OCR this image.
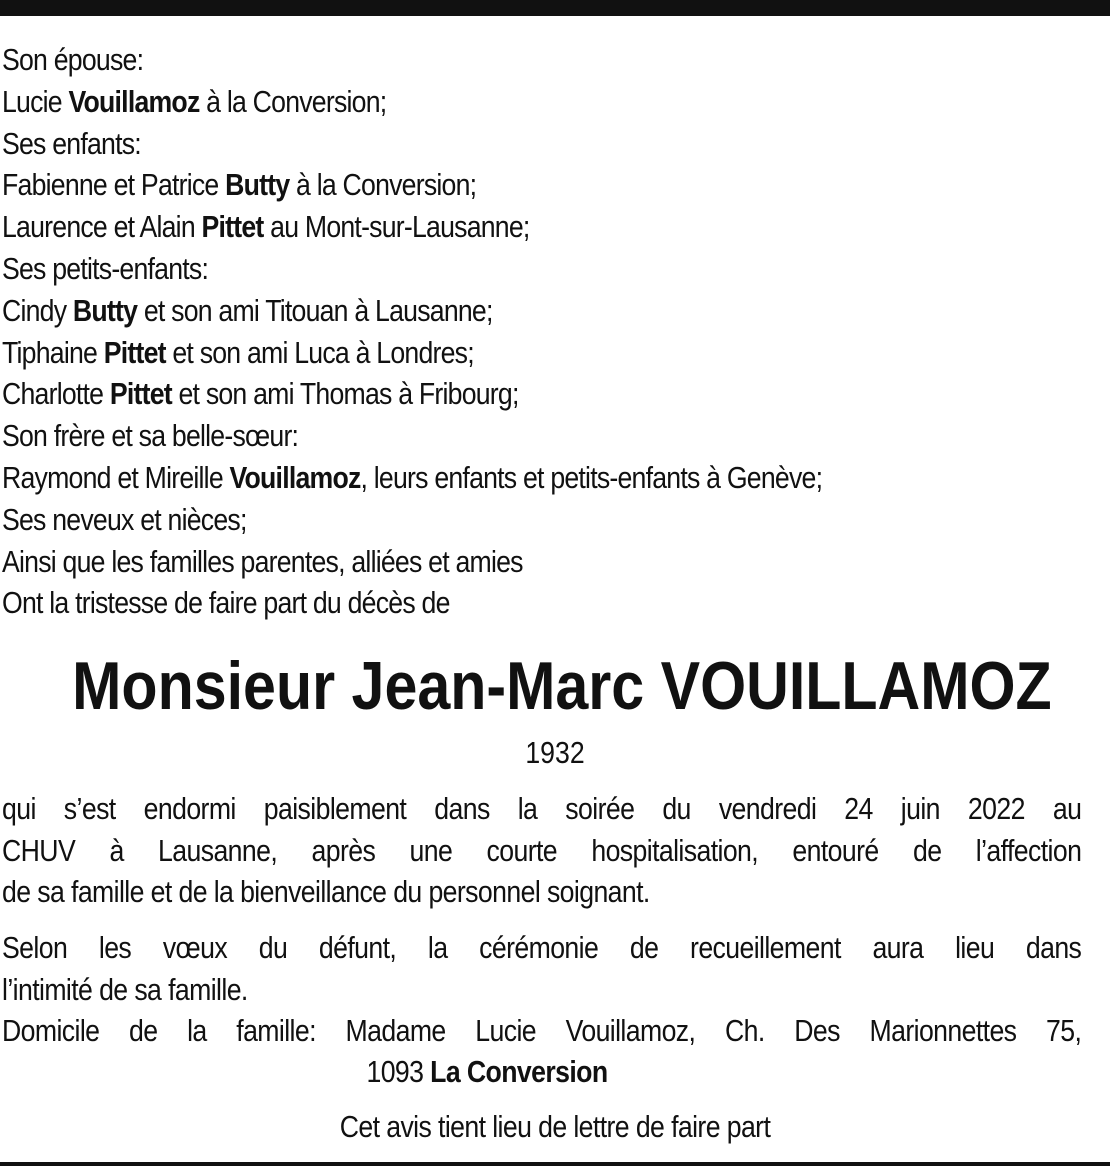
Son épouse:
Lucie Vouillamoz à la Conversion;
Ses enfants:
Fabienne et Patrice Butty à la Conversion;
Laurence et Alain Pittet au Mont-sur-Lausanne;
Ses petits-enfants:
Cindy Butty et son ami Titouan à Lausanne;
Tiphaine Pittet et son ami Luca à Londres;
Charlotte Pittet et son ami Thomas à Fribourg;
Son frère et sa belle-sœur:
Raymond et Mireille Vouillamoz, leurs enfants et petits-enfants à Genève;
Ses neveux et nièces;
Ainsi que les familles parentes, alliées et amies
Ont la tristesse de faire part du décès de
Monsieur Jean-Marc VOUILLAMOZ
1932
qui s’est endormi paisiblement dans la soirée du vendredi 24 juin 2022 au
CHUV à Lausanne, après une courte hospitalisation, entouré de l’affection
de sa famille et de la bienveillance du personnel soignant.
Selon les vœux du défunt, la cérémonie de recueillement aura lieu dans
l’intimité de sa famille.
Domicile de la famille: Madame Lucie Vouillamoz, Ch. Des Marionnettes 75,
1093 La Conversion
Cet avis tient lieu de lettre de faire part
